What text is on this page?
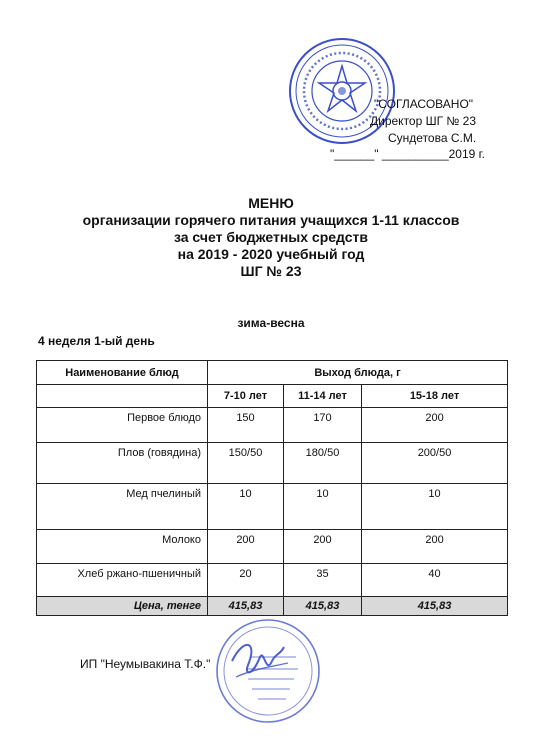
"СОГЛАСОВАНО"
Директор ШГ № 23
Сундетова С.М.
"______" __________2019 г.
МЕНЮ
организации горячего питания учащихся 1-11 классов
за счет бюджетных средств
на 2019 - 2020 учебный год
ШГ № 23
зима-весна
4 неделя 1-ый день
Наименование блюд	Выход блюда, г		
	7-10 лет	11-14 лет	15-18 лет
Первое блюдо	150	170	200
Плов (говядина)	150/50	180/50	200/50
Мед пчелиный	10	10	10
Молоко	200	200	200
Хлеб ржано-пшеничный	20	35	40
Цена, тенге	415,83	415,83	415,83
ИП "Неумывакина Т.Ф."
